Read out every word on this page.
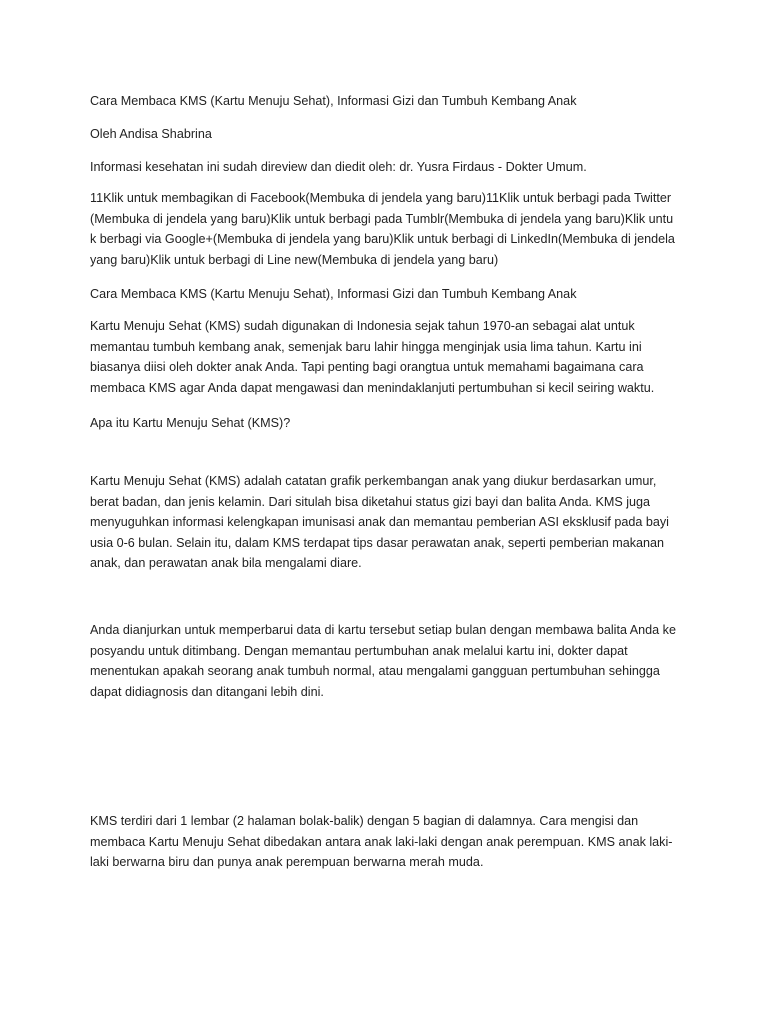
Cara Membaca KMS (Kartu Menuju Sehat), Informasi Gizi dan Tumbuh Kembang Anak

Oleh Andisa Shabrina

Informasi kesehatan ini sudah direview dan diedit oleh: dr. Yusra Firdaus - Dokter Umum.

11Klik untuk membagikan di Facebook(Membuka di jendela yang baru)11Klik untuk berbagi pada Twitter(Membuka di jendela yang baru)Klik untuk berbagi pada Tumblr(Membuka di jendela yang baru)Klik untuk berbagi via Google+(Membuka di jendela yang baru)Klik untuk berbagi di LinkedIn(Membuka di jendela yang baru)Klik untuk berbagi di Line new(Membuka di jendela yang baru)

Cara Membaca KMS (Kartu Menuju Sehat), Informasi Gizi dan Tumbuh Kembang Anak

Kartu Menuju Sehat (KMS) sudah digunakan di Indonesia sejak tahun 1970-an sebagai alat untuk memantau tumbuh kembang anak, semenjak baru lahir hingga menginjak usia lima tahun. Kartu ini biasanya diisi oleh dokter anak Anda. Tapi penting bagi orangtua untuk memahami bagaimana cara membaca KMS agar Anda dapat mengawasi dan menindaklanjuti pertumbuhan si kecil seiring waktu.

Apa itu Kartu Menuju Sehat (KMS)?

Kartu Menuju Sehat (KMS) adalah catatan grafik perkembangan anak yang diukur berdasarkan umur, berat badan, dan jenis kelamin. Dari situlah bisa diketahui status gizi bayi dan balita Anda. KMS juga menyuguhkan informasi kelengkapan imunisasi anak dan memantau pemberian ASI eksklusif pada bayi usia 0-6 bulan. Selain itu, dalam KMS terdapat tips dasar perawatan anak, seperti pemberian makanan anak, dan perawatan anak bila mengalami diare.

Anda dianjurkan untuk memperbarui data di kartu tersebut setiap bulan dengan membawa balita Anda ke posyandu untuk ditimbang. Dengan memantau pertumbuhan anak melalui kartu ini, dokter dapat menentukan apakah seorang anak tumbuh normal, atau mengalami gangguan pertumbuhan sehingga dapat didiagnosis dan ditangani lebih dini.

KMS terdiri dari 1 lembar (2 halaman bolak-balik) dengan 5 bagian di dalamnya. Cara mengisi dan membaca Kartu Menuju Sehat dibedakan antara anak laki-laki dengan anak perempuan. KMS anak laki-laki berwarna biru dan punya anak perempuan berwarna merah muda.
